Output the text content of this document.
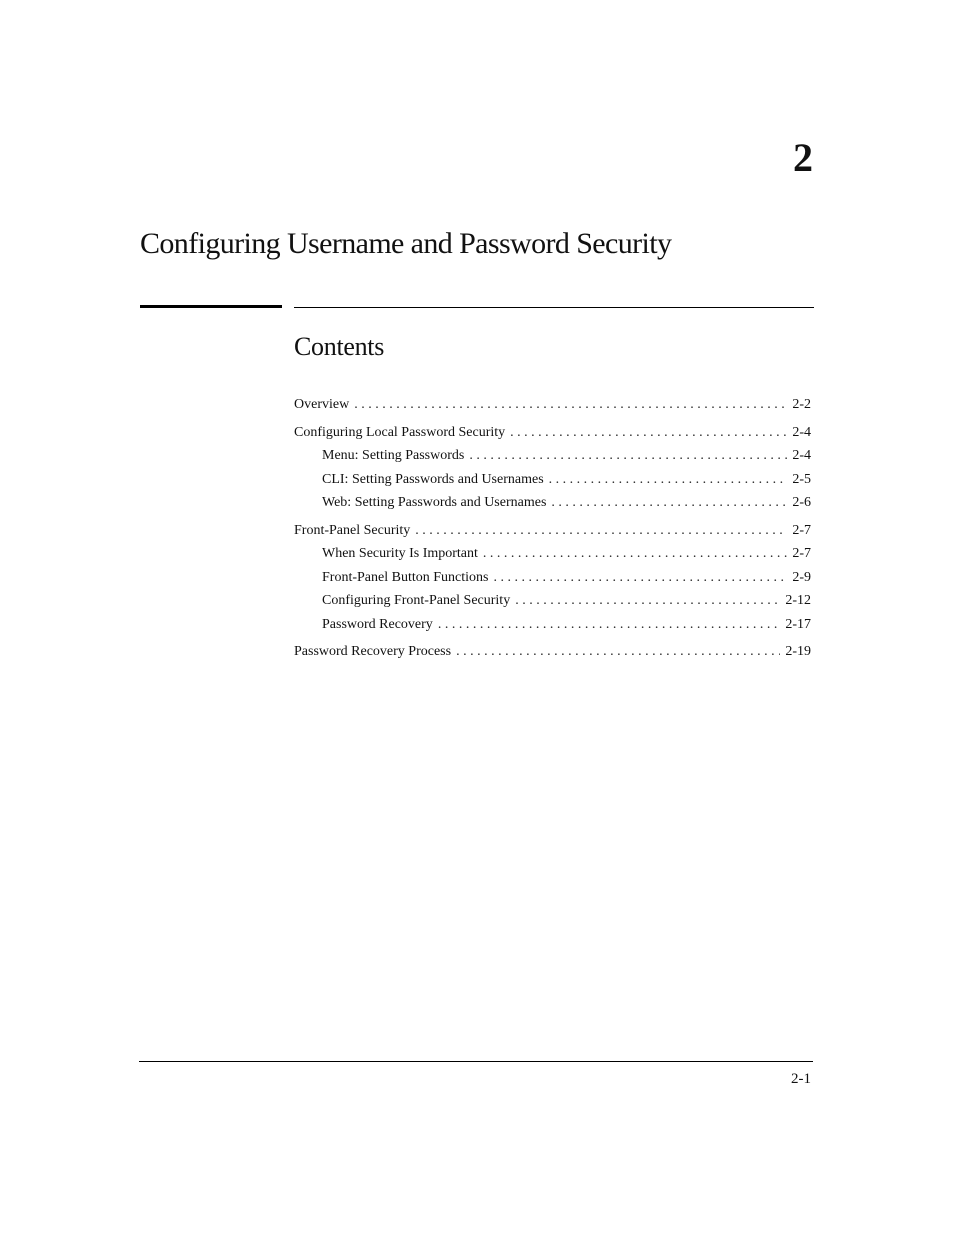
2
Configuring Username and Password Security
Contents
Overview . . .	2-2
Configuring Local Password Security . . .	2-4
Menu: Setting Passwords . . .	2-4
CLI: Setting Passwords and Usernames . . .	2-5
Web: Setting Passwords and Usernames . . .	2-6
Front-Panel Security . . .	2-7
When Security Is Important . . .	2-7
Front-Panel Button Functions . . .	2-9
Configuring Front-Panel Security . . .	2-12
Password Recovery . . .	2-17
Password Recovery Process . . .	2-19
2-1
